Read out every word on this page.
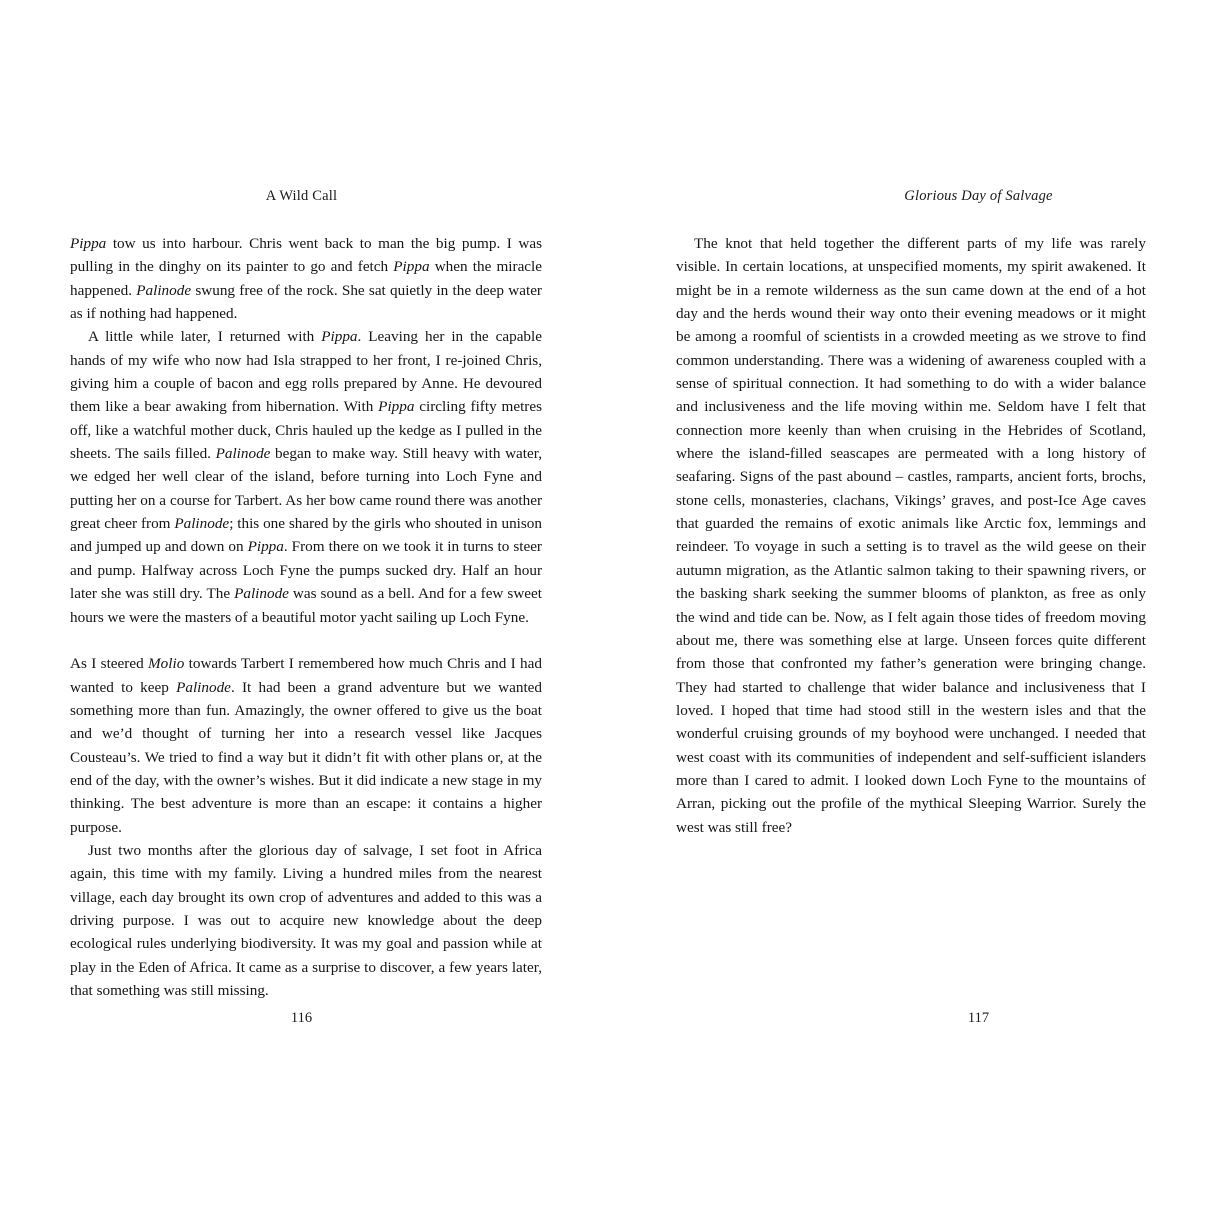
A Wild Call

Pippa tow us into harbour. Chris went back to man the big pump. I was pulling in the dinghy on its painter to go and fetch Pippa when the miracle happened. Palinode swung free of the rock. She sat quietly in the deep water as if nothing had happened.

A little while later, I returned with Pippa. Leaving her in the capable hands of my wife who now had Isla strapped to her front, I re-joined Chris, giving him a couple of bacon and egg rolls prepared by Anne. He devoured them like a bear awaking from hibernation. With Pippa circling fifty metres off, like a watchful mother duck, Chris hauled up the kedge as I pulled in the sheets. The sails filled. Palinode began to make way. Still heavy with water, we edged her well clear of the island, before turning into Loch Fyne and putting her on a course for Tarbert. As her bow came round there was another great cheer from Palinode; this one shared by the girls who shouted in unison and jumped up and down on Pippa. From there on we took it in turns to steer and pump. Halfway across Loch Fyne the pumps sucked dry. Half an hour later she was still dry. The Palinode was sound as a bell. And for a few sweet hours we were the masters of a beautiful motor yacht sailing up Loch Fyne.

As I steered Molio towards Tarbert I remembered how much Chris and I had wanted to keep Palinode. It had been a grand adventure but we wanted something more than fun. Amazingly, the owner offered to give us the boat and we’d thought of turning her into a research vessel like Jacques Cousteau’s. We tried to find a way but it didn’t fit with other plans or, at the end of the day, with the owner’s wishes. But it did indicate a new stage in my thinking. The best adventure is more than an escape: it contains a higher purpose.

Just two months after the glorious day of salvage, I set foot in Africa again, this time with my family. Living a hundred miles from the nearest village, each day brought its own crop of adventures and added to this was a driving purpose. I was out to acquire new knowledge about the deep ecological rules underlying biodiversity. It was my goal and passion while at play in the Eden of Africa. It came as a surprise to discover, a few years later, that something was still missing.

116
Glorious Day of Salvage

The knot that held together the different parts of my life was rarely visible. In certain locations, at unspecified moments, my spirit awakened. It might be in a remote wilderness as the sun came down at the end of a hot day and the herds wound their way onto their evening meadows or it might be among a roomful of scientists in a crowded meeting as we strove to find common understanding. There was a widening of awareness coupled with a sense of spiritual connection. It had something to do with a wider balance and inclusiveness and the life moving within me. Seldom have I felt that connection more keenly than when cruising in the Hebrides of Scotland, where the island-filled seascapes are permeated with a long history of seafaring. Signs of the past abound – castles, ramparts, ancient forts, brochs, stone cells, monasteries, clachans, Vikings’ graves, and post-Ice Age caves that guarded the remains of exotic animals like Arctic fox, lemmings and reindeer. To voyage in such a setting is to travel as the wild geese on their autumn migration, as the Atlantic salmon taking to their spawning rivers, or the basking shark seeking the summer blooms of plankton, as free as only the wind and tide can be. Now, as I felt again those tides of freedom moving about me, there was something else at large. Unseen forces quite different from those that confronted my father’s generation were bringing change. They had started to challenge that wider balance and inclusiveness that I loved. I hoped that time had stood still in the western isles and that the wonderful cruising grounds of my boyhood were unchanged. I needed that west coast with its communities of independent and self-sufficient islanders more than I cared to admit. I looked down Loch Fyne to the mountains of Arran, picking out the profile of the mythical Sleeping Warrior. Surely the west was still free?

117
